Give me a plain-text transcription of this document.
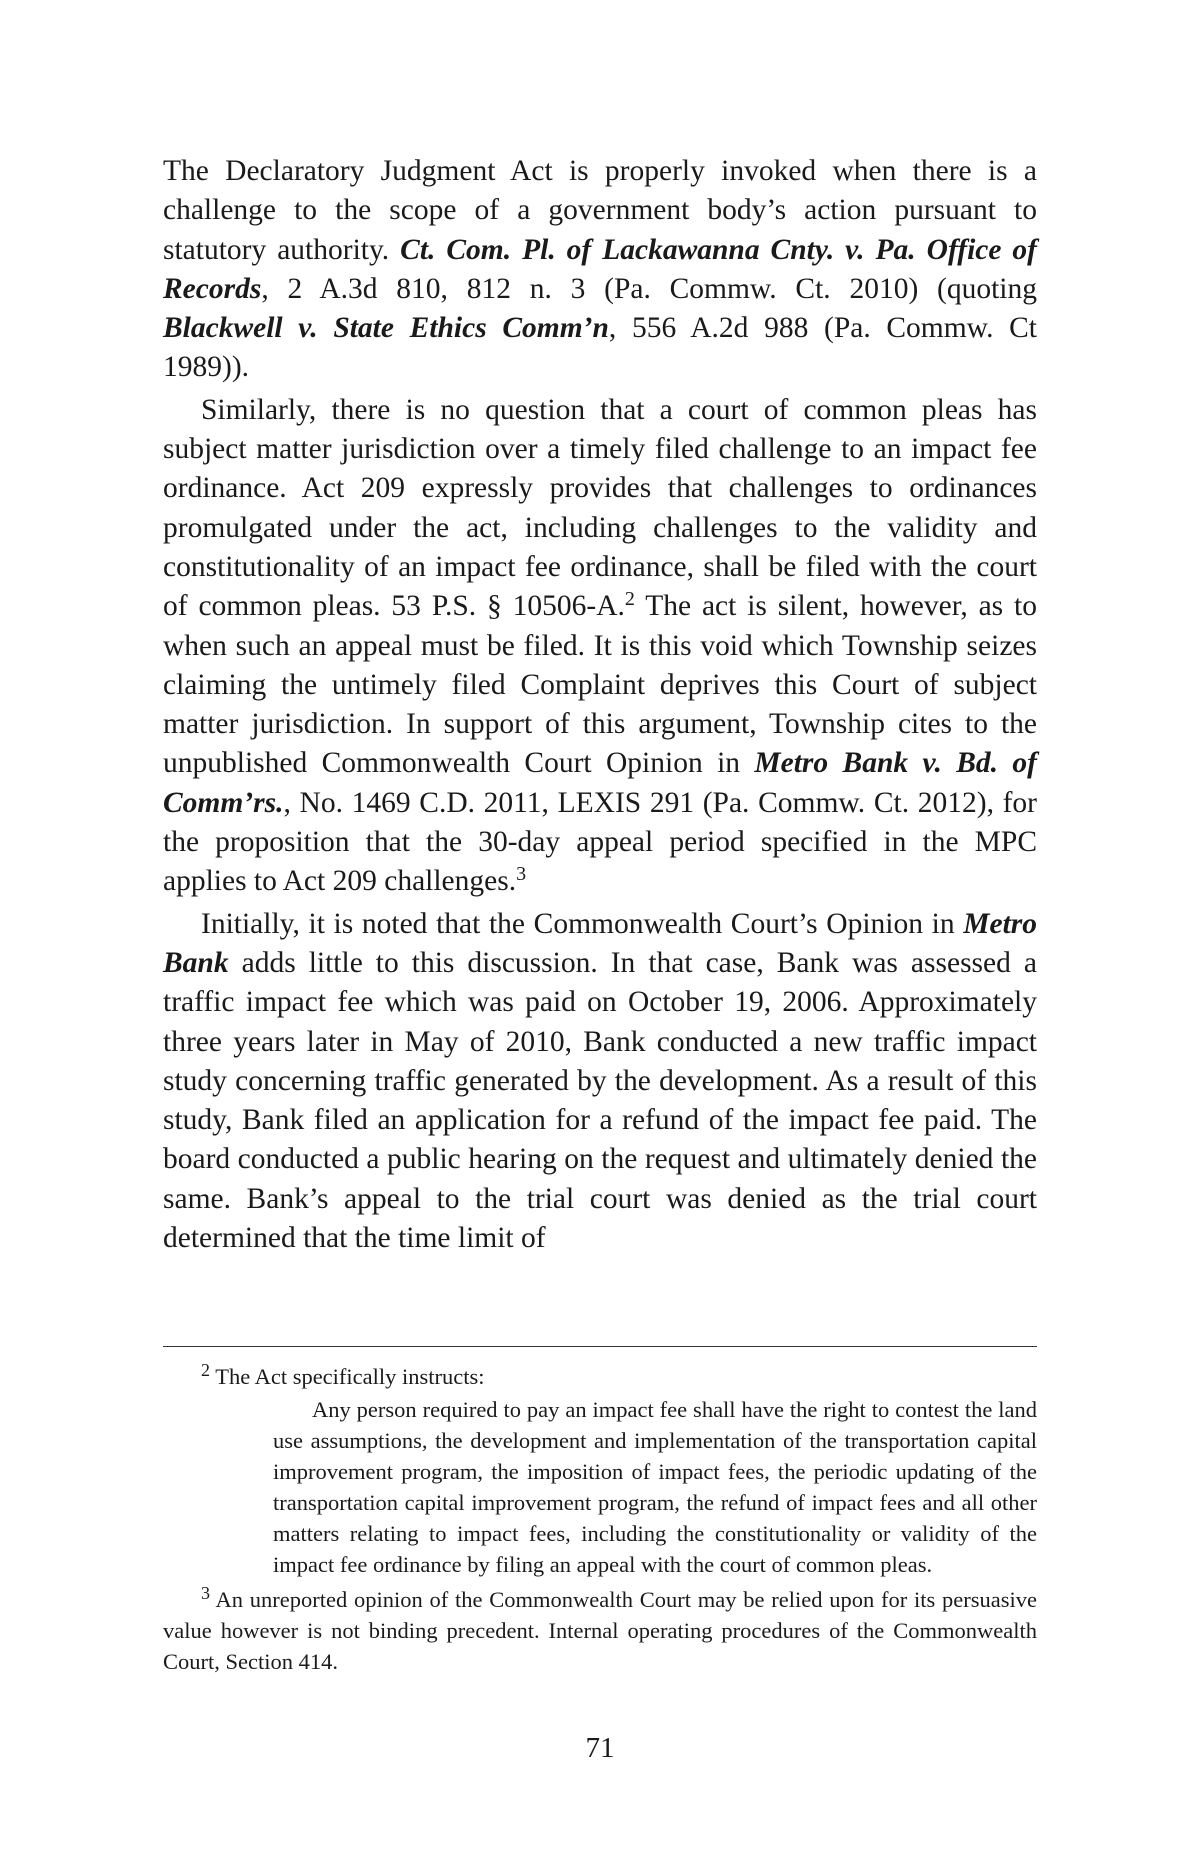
The Declaratory Judgment Act is properly invoked when there is a challenge to the scope of a government body’s action pursuant to statutory authority. Ct. Com. Pl. of Lackawanna Cnty. v. Pa. Office of Records, 2 A.3d 810, 812 n. 3 (Pa. Commw. Ct. 2010) (quoting Blackwell v. State Ethics Comm’n, 556 A.2d 988 (Pa. Commw. Ct 1989)).

Similarly, there is no question that a court of common pleas has subject matter jurisdiction over a timely filed challenge to an impact fee ordinance. Act 209 expressly provides that challenges to ordinances promulgated under the act, including challenges to the validity and constitutionality of an impact fee ordinance, shall be filed with the court of common pleas. 53 P.S. § 10506-A.$^2$ The act is silent, however, as to when such an appeal must be filed. It is this void which Township seizes claiming the untimely filed Complaint deprives this Court of subject matter jurisdiction. In support of this argument, Township cites to the unpublished Commonwealth Court Opinion in Metro Bank v. Bd. of Comm’rs., No. 1469 C.D. 2011, LEXIS 291 (Pa. Commw. Ct. 2012), for the proposition that the 30-day appeal period specified in the MPC applies to Act 209 challenges.$^3$

Initially, it is noted that the Commonwealth Court’s Opinion in Metro Bank adds little to this discussion. In that case, Bank was assessed a traffic impact fee which was paid on October 19, 2006. Approximately three years later in May of 2010, Bank conducted a new traffic impact study concerning traffic generated by the development. As a result of this study, Bank filed an application for a refund of the impact fee paid. The board conducted a public hearing on the request and ultimately denied the same. Bank’s appeal to the trial court was denied as the trial court determined that the time limit of

$^2$ The Act specifically instructs:

Any person required to pay an impact fee shall have the right to contest the land use assumptions, the development and implementation of the transportation capital improvement program, the imposition of impact fees, the periodic updating of the transportation capital improvement program, the refund of impact fees and all other matters relating to impact fees, including the constitutionality or validity of the impact fee ordinance by filing an appeal with the court of common pleas.

$^3$ An unreported opinion of the Commonwealth Court may be relied upon for its persuasive value however is not binding precedent. Internal operating procedures of the Commonwealth Court, Section 414.

71
